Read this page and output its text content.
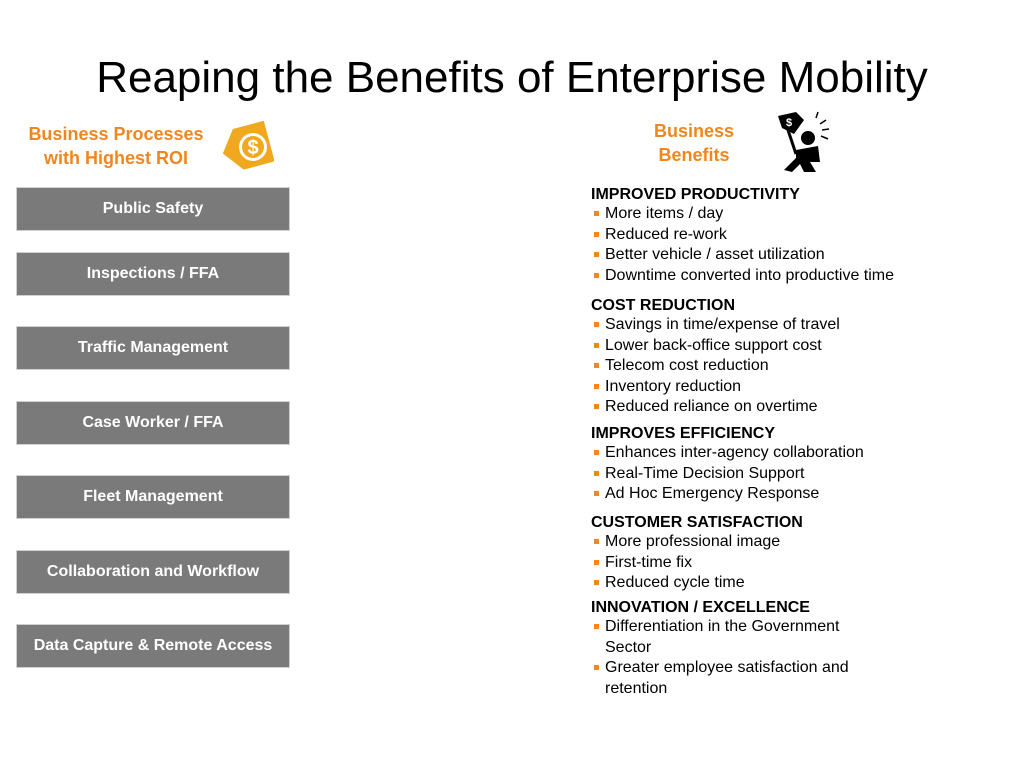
Reaping the Benefits of Enterprise Mobility
Business Processes
with Highest ROI	$
Business
Benefits
$
Public Safety
Inspections / FFA
Traffic Management
Case Worker / FFA
Fleet Management
Collaboration and Workflow
Data Capture & Remote Access
IMPROVED PRODUCTIVITY
More items / day
Reduced re-work
Better vehicle / asset utilization
Downtime converted into productive time
COST REDUCTION
Savings in time/expense of travel
Lower back-office support cost
Telecom cost reduction
Inventory reduction
Reduced reliance on overtime
IMPROVES EFFICIENCY
Enhances inter-agency collaboration
Real-Time Decision Support
Ad Hoc Emergency Response
CUSTOMER SATISFACTION
More professional image
First-time fix
Reduced cycle time
INNOVATION / EXCELLENCE
Differentiation in the Government Sector
Greater employee satisfaction and retention
